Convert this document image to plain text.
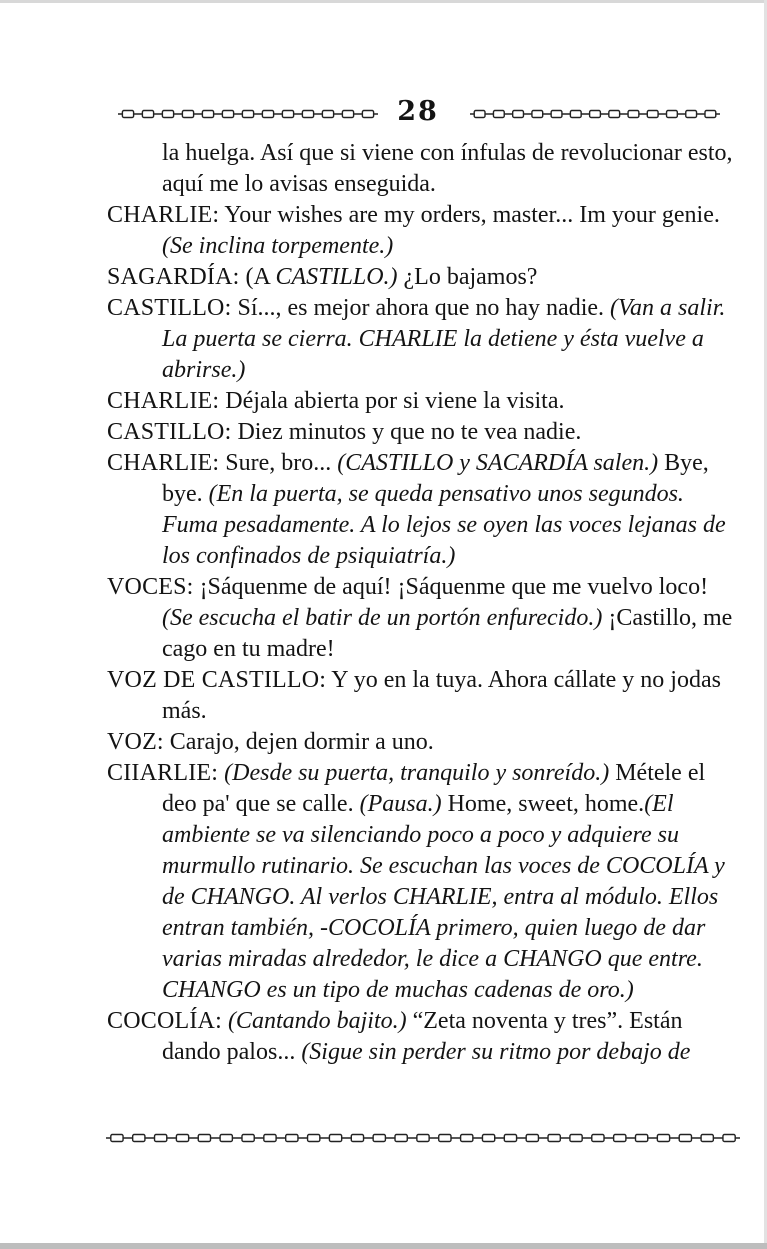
28
la huelga. Así que si viene con ínfulas de revolucionar esto, aquí me lo avisas enseguida.
CHARLIE: Your wishes are my orders, master... Im your genie.(Se inclina torpemente.)
SAGARDÍA: (A CASTILLO.) ¿Lo bajamos?
CASTILLO: Sí..., es mejor ahora que no hay nadie. (Van a salir. La puerta se cierra. CHARLIE la detiene y ésta vuelve a abrirse.)
CHARLIE: Déjala abierta por si viene la visita.
CASTILLO: Diez minutos y que no te vea nadie.
CHARLIE: Sure, bro... (CASTILLO y SACARDÍA salen.) Bye, bye. (En la puerta, se queda pensativo unos segundos. Fuma pesadamente. A lo lejos se oyen las voces lejanas de los confinados de psiquiatría.)
VOCES: ¡Sáquenme de aquí! ¡Sáquenme que me vuelvo loco! (Se escucha el batir de un portón enfurecido.) ¡Castillo, me cago en tu madre!
VOZ DE CASTILLO: Y yo en la tuya. Ahora cállate y no jodas más.
VOZ: Carajo, dejen dormir a uno.
CIIARLIE: (Desde su puerta, tranquilo y sonreído.) Métele el deo pa' que se calle. (Pausa.) Home, sweet, home.(El ambiente se va silenciando poco a poco y adquiere su murmullo rutinario. Se escuchan las voces de COCOLÍA y de CHANGO. Al verlos CHARLIE, entra al módulo. Ellos entran también, -COCOLÍA primero, quien luego de dar varias miradas alrededor, le dice a CHANGO que entre. CHANGO es un tipo de muchas cadenas de oro.)
COCOLÍA: (Cantando bajito.) “Zeta noventa y tres”. Están dando palos... (Sigue sin perder su ritmo por debajo de
